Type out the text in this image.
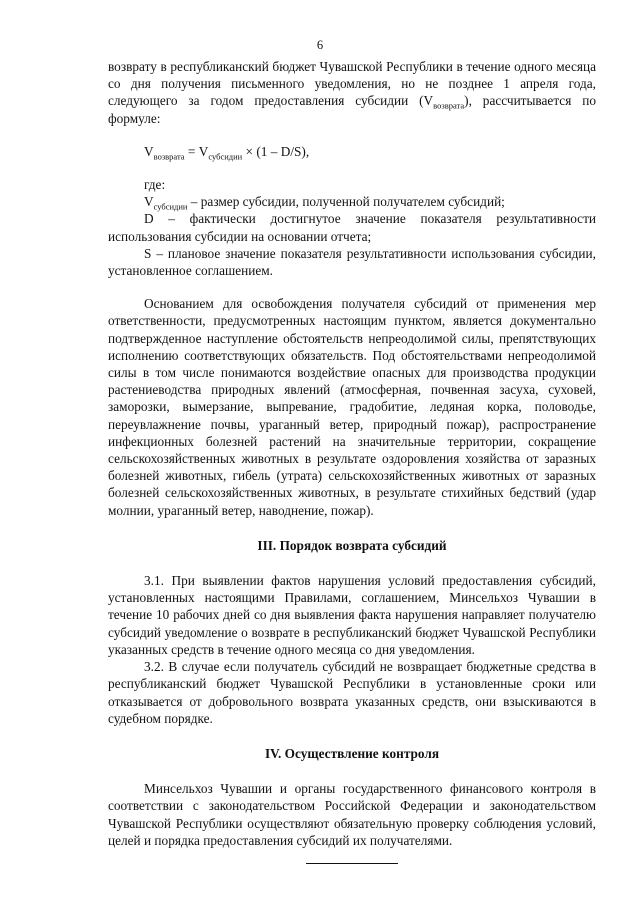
6

возврату в республиканский бюджет Чувашской Республики в течение одного месяца со дня получения письменного уведомления, но не позднее 1 апреля года, следующего за годом предоставления субсидии $(V_{возврата})$, рассчитывается по формуле:

$V_{возврата} = V_{субсидии} \times (1 - D/S)$,

где:

$V_{субсидии}$ – размер субсидии, полученной получателем субсидий;

D – фактически достигнутое значение показателя результативности использования субсидии на основании отчета;

S – плановое значение показателя результативности использования субсидии, установленное соглашением.

Основанием для освобождения получателя субсидий от применения мер ответственности, предусмотренных настоящим пунктом, является документально подтвержденное наступление обстоятельств непреодолимой силы, препятствующих исполнению соответствующих обязательств. Под обстоятельствами непреодолимой силы в том числе понимаются воздействие опасных для производства продукции растениеводства природных явлений (атмосферная, почвенная засуха, суховей, заморозки, вымерзание, выпревание, градобитие, ледяная корка, половодье, переувлажнение почвы, ураганный ветер, природный пожар), распространение инфекционных болезней растений на значительные территории, сокращение сельскохозяйственных животных в результате оздоровления хозяйства от заразных болезней животных, гибель (утрата) сельскохозяйственных животных от заразных болезней сельскохозяйственных животных, в результате стихийных бедствий (удар молнии, ураганный ветер, наводнение, пожар).

III. Порядок возврата субсидий

3.1. При выявлении фактов нарушения условий предоставления субсидий, установленных настоящими Правилами, соглашением, Минсельхоз Чувашии в течение 10 рабочих дней со дня выявления факта нарушения направляет получателю субсидий уведомление о возврате в республиканский бюджет Чувашской Республики указанных средств в течение одного месяца со дня уведомления.

3.2. В случае если получатель субсидий не возвращает бюджетные средства в республиканский бюджет Чувашской Республики в установленные сроки или отказывается от добровольного возврата указанных средств, они взыскиваются в судебном порядке.

IV. Осуществление контроля

Минсельхоз Чувашии и органы государственного финансового контроля в соответствии с законодательством Российской Федерации и законодательством Чувашской Республики осуществляют обязательную проверку соблюдения условий, целей и порядка предоставления субсидий их получателями.
